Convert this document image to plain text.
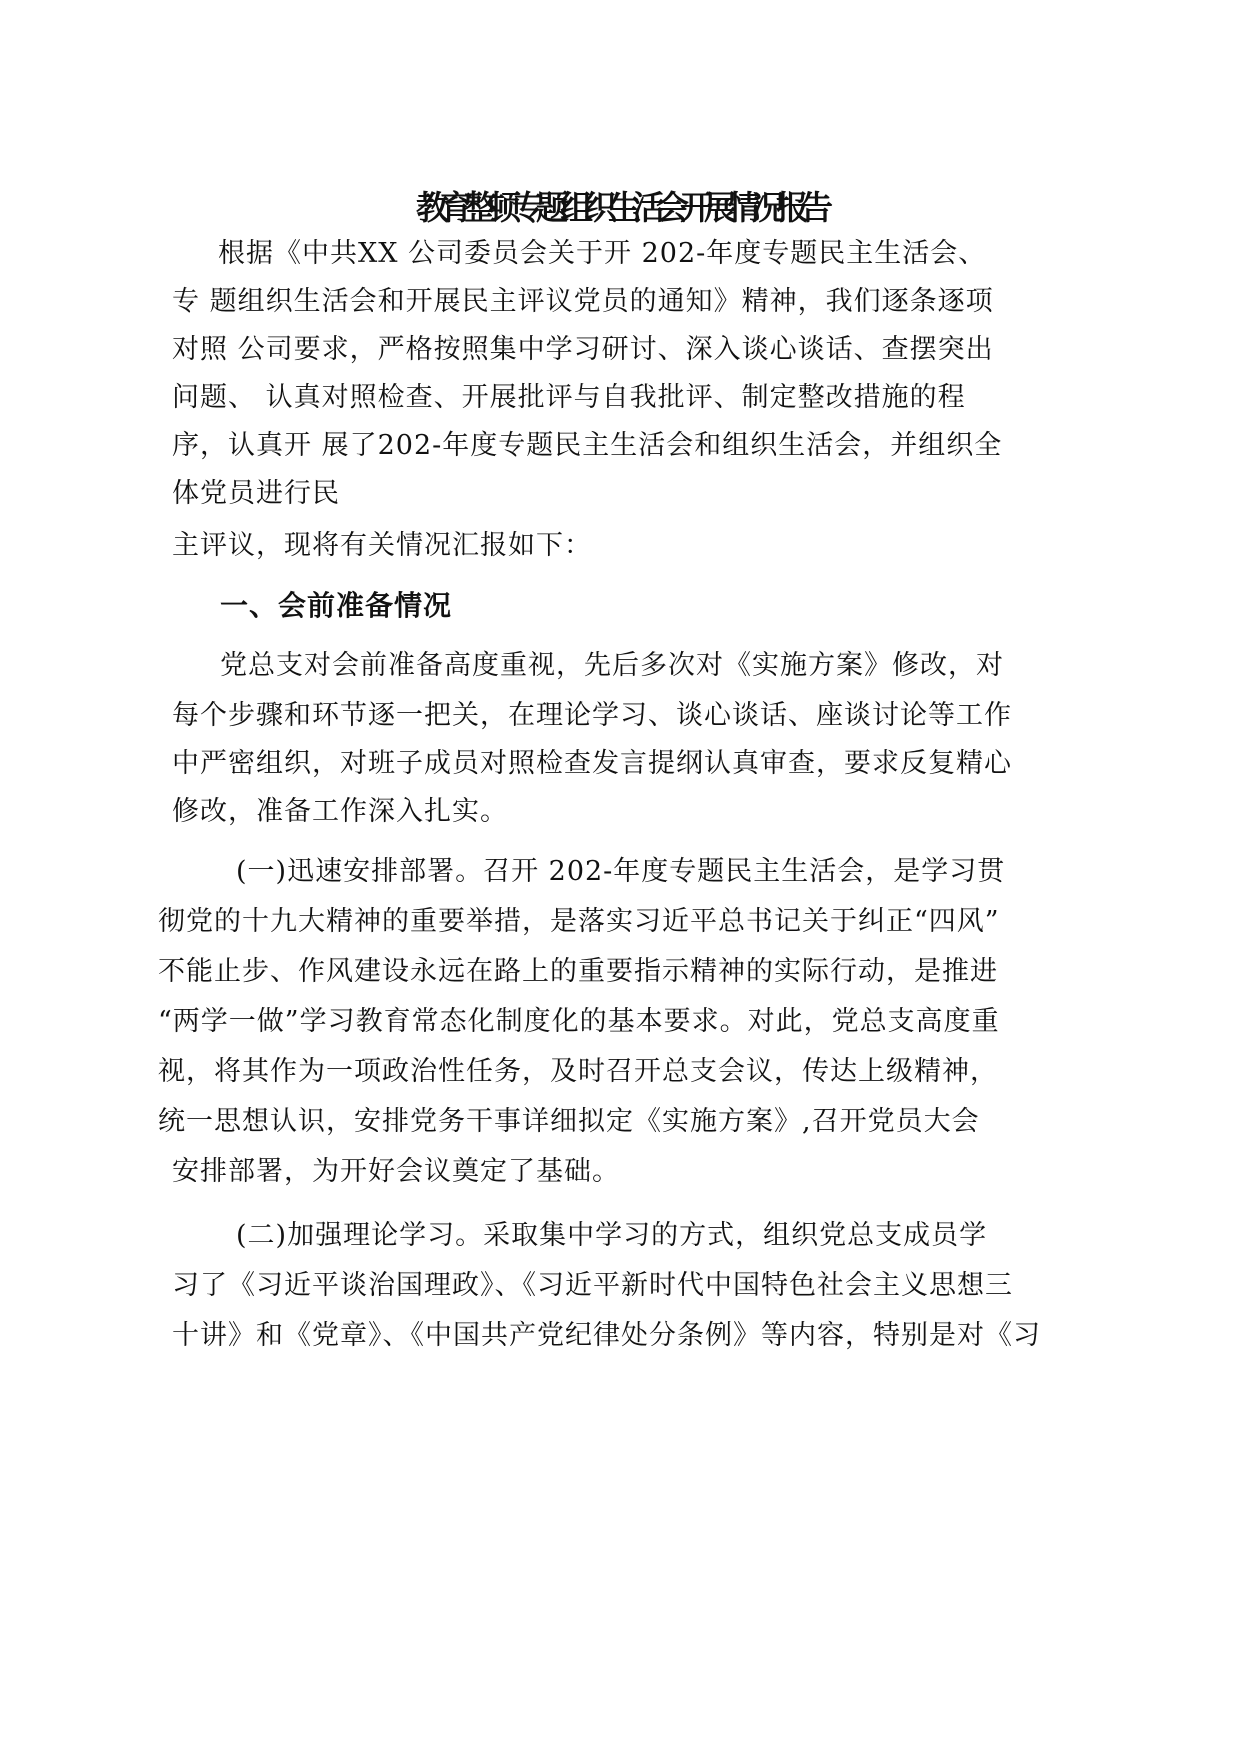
教育整顿专题组织生活会开展情况报告
根据《中共XX 公司委员会关于开 202-年度专题民主生活会、
专 题组织生活会和开展民主评议党员的通知》精神，我们逐条逐项
对照 公司要求，严格按照集中学习研讨、深入谈心谈话、查摆突出
问题、 认真对照检查、开展批评与自我批评、制定整改措施的程
序，认真开 展了202-年度专题民主生活会和组织生活会，并组织全
体党员进行民
主评议，现将有关情况汇报如下：
一、会前准备情况
党总支对会前准备高度重视，先后多次对《实施方案》修改，对
每个步骤和环节逐一把关，在理论学习、谈心谈话、座谈讨论等工作
中严密组织，对班子成员对照检查发言提纲认真审查，要求反复精心
修改，准备工作深入扎实。
(一)迅速安排部署。召开 202-年度专题民主生活会，是学习贯
彻党的十九大精神的重要举措，是落实习近平总书记关于纠正“四风”
不能止步、作风建设永远在路上的重要指示精神的实际行动，是推进
“两学一做”学习教育常态化制度化的基本要求。对此，党总支高度重
视，将其作为一项政治性任务，及时召开总支会议，传达上级精神，
统一思想认识，安排党务干事详细拟定《实施方案》,召开党员大会
安排部署，为开好会议奠定了基础。
(二)加强理论学习。采取集中学习的方式，组织党总支成员学
习了《习近平谈治国理政》、《习近平新时代中国特色社会主义思想三
十讲》和《党章》、《中国共产党纪律处分条例》等内容，特别是对《习
